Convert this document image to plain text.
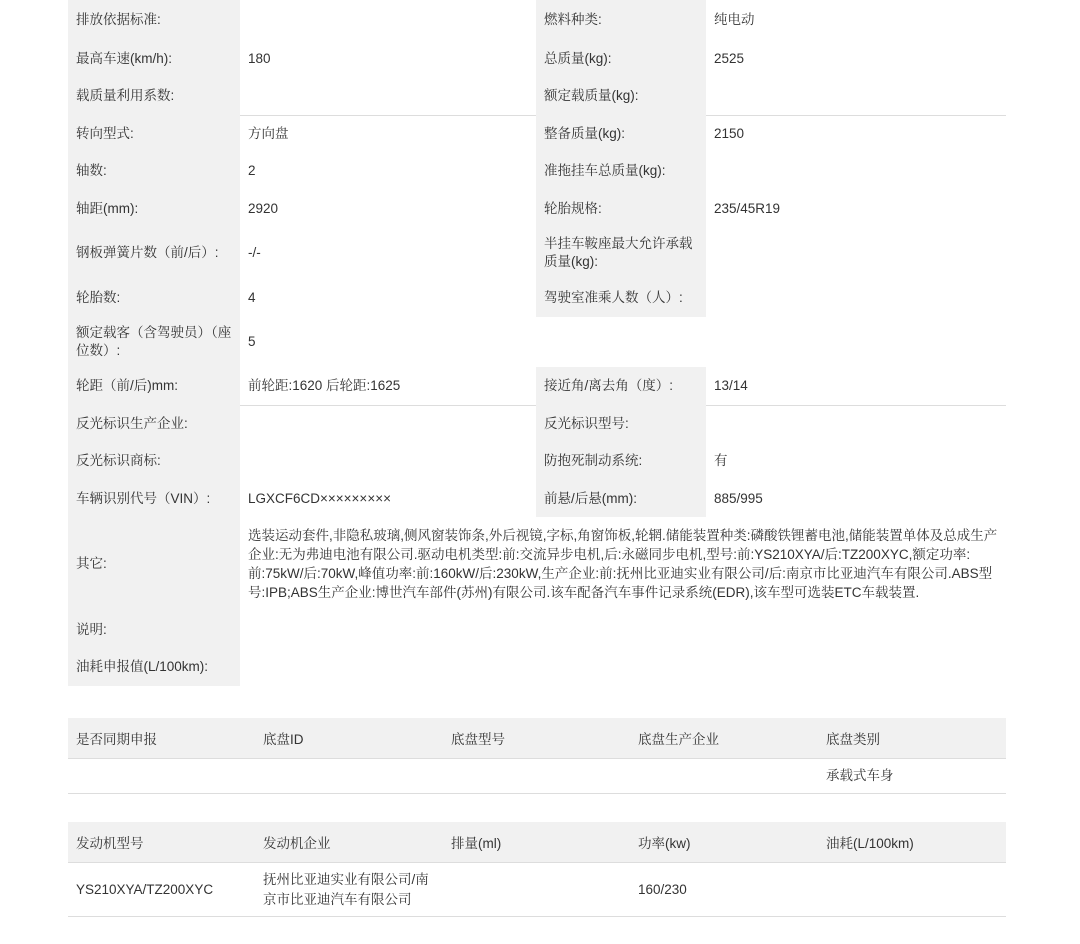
排放依据标准:		燃料种类:	纯电动
最高车速(km/h):	180	总质量(kg):	2525
载质量利用系数:		额定载质量(kg):	
转向型式:	方向盘	整备质量(kg):	2150
轴数:	2	准拖挂车总质量(kg):	
轴距(mm):	2920	轮胎规格:	235/45R19
钢板弹簧片数（前/后）:	-/-	半挂车鞍座最大允许承载质量(kg):	
轮胎数:	4	驾驶室准乘人数（人）:	
额定载客（含驾驶员）（座位数）:	5		
轮距（前/后)mm:	前轮距:1620 后轮距:1625	接近角/离去角（度）:	13/14
反光标识生产企业:		反光标识型号:	
反光标识商标:		防抱死制动系统:	有
车辆识别代号（VIN）:	LGXCF6CD×××××××××	前悬/后悬(mm):	885/995
其它:	选装运动套件,非隐私玻璃,侧风窗装饰条,外后视镜,字标,角窗饰板,轮辋.储能装置种类:磷酸铁锂蓄电池,储能装置单体及总成生产企业:无为弗迪电池有限公司.驱动电机类型:前:交流异步电机,后:永磁同步电机,型号:前:YS210XYA/后:TZ200XYC,额定功率:前:75kW/后:70kW,峰值功率:前:160kW/后:230kW,生产企业:前:抚州比亚迪实业有限公司/后:南京市比亚迪汽车有限公司.ABS型号:IPB;ABS生产企业:博世汽车部件(苏州)有限公司.该车配备汽车事件记录系统(EDR),该车型可选装ETC车载装置.		
说明:			
油耗申报值(L/100km):			
是否同期申报	底盘ID	底盘型号	底盘生产企业	底盘类别
				承载式车身
发动机型号	发动机企业	排量(ml)	功率(kw)	油耗(L/100km)
YS210XYA/TZ200XYC	抚州比亚迪实业有限公司/南京市比亚迪汽车有限公司		160/230	
